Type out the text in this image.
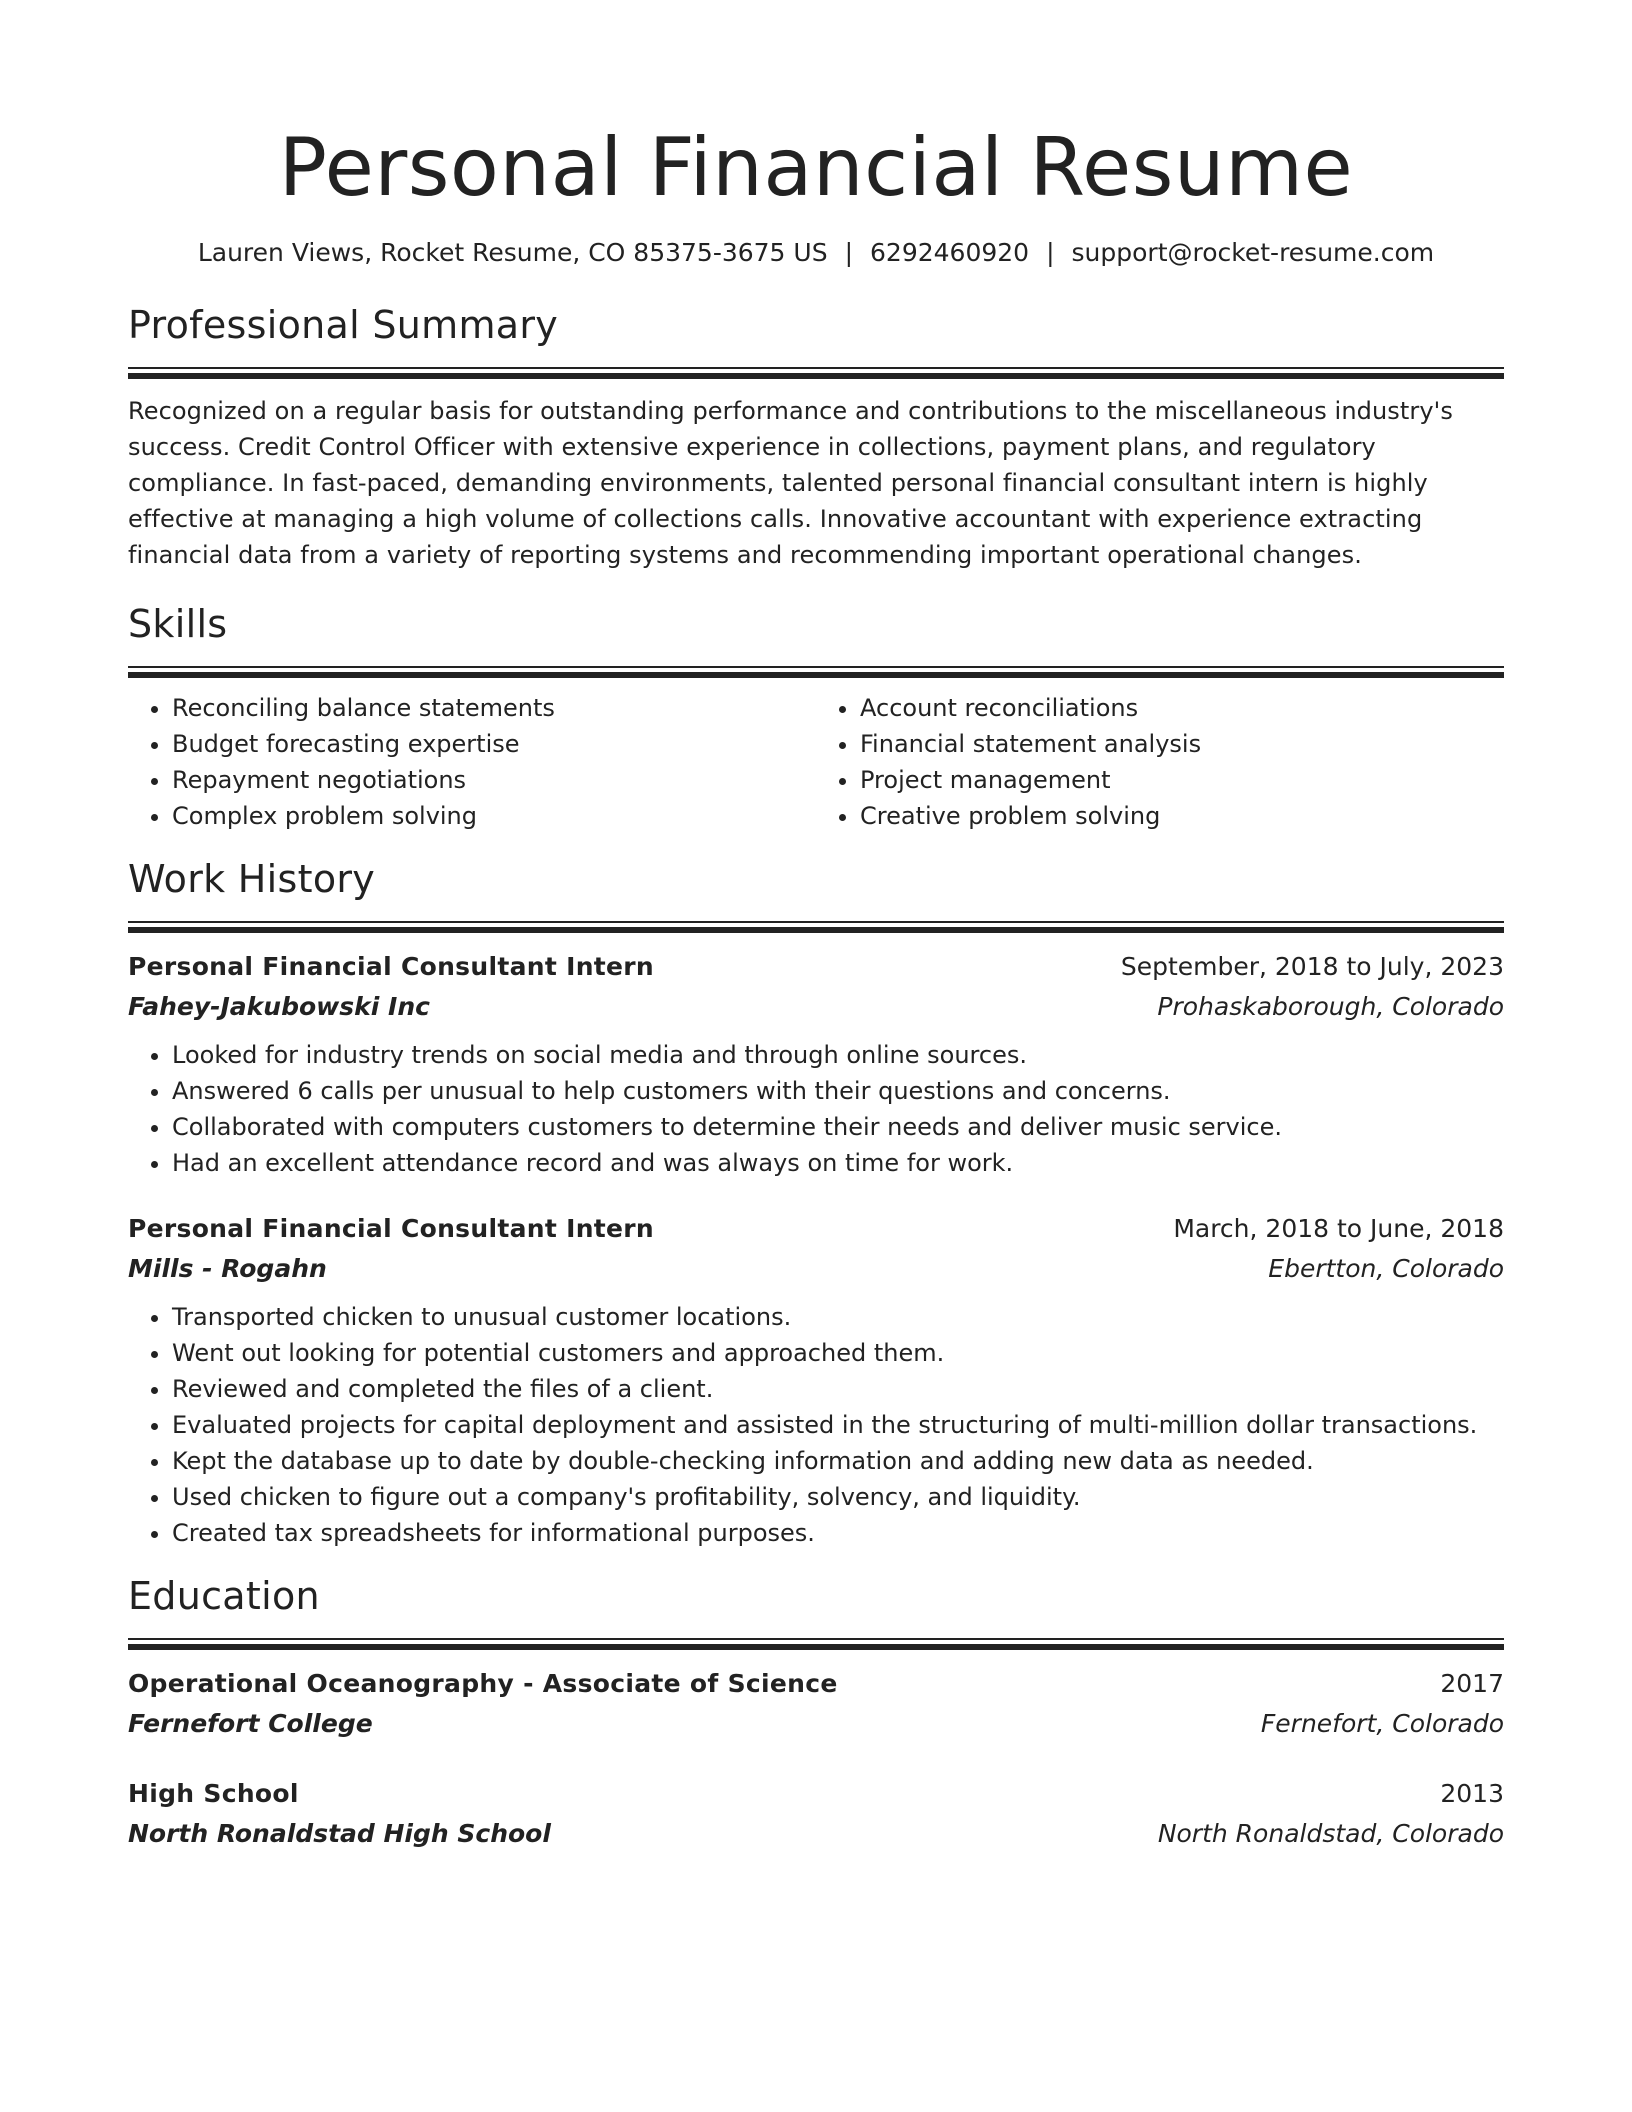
Personal Financial Resume
Lauren Views, Rocket Resume, CO 85375-3675 US | 6292460920 | support@rocket-resume.com
Professional Summary

Recognized on a regular basis for outstanding performance and contributions to the miscellaneous industry's success. Credit Control Officer with extensive experience in collections, payment plans, and regulatory compliance. In fast-paced, demanding environments, talented personal financial consultant intern is highly effective at managing a high volume of collections calls. Innovative accountant with experience extracting financial data from a variety of reporting systems and recommending important operational changes.

Skills
• Reconciling balance statements
• Budget forecasting expertise
• Repayment negotiations
• Complex problem solving
• Account reconciliations
• Financial statement analysis
• Project management
• Creative problem solving
Work History
Personal Financial Consultant Intern	September, 2018 to July, 2023
Fahey-Jakubowski Inc	Prohaskaborough, Colorado
• Looked for industry trends on social media and through online sources.
• Answered 6 calls per unusual to help customers with their questions and concerns.
• Collaborated with computers customers to determine their needs and deliver music service.
• Had an excellent attendance record and was always on time for work.
Personal Financial Consultant Intern	March, 2018 to June, 2018
Mills - Rogahn	Ebertton, Colorado
• Transported chicken to unusual customer locations.
• Went out looking for potential customers and approached them.
• Reviewed and completed the files of a client.
• Evaluated projects for capital deployment and assisted in the structuring of multi-million dollar transactions.
• Kept the database up to date by double-checking information and adding new data as needed.
• Used chicken to figure out a company's profitability, solvency, and liquidity.
• Created tax spreadsheets for informational purposes.
Education
Operational Oceanography - Associate of Science	2017
Fernefort College	Fernefort, Colorado
High School	2013
North Ronaldstad High School	North Ronaldstad, Colorado
